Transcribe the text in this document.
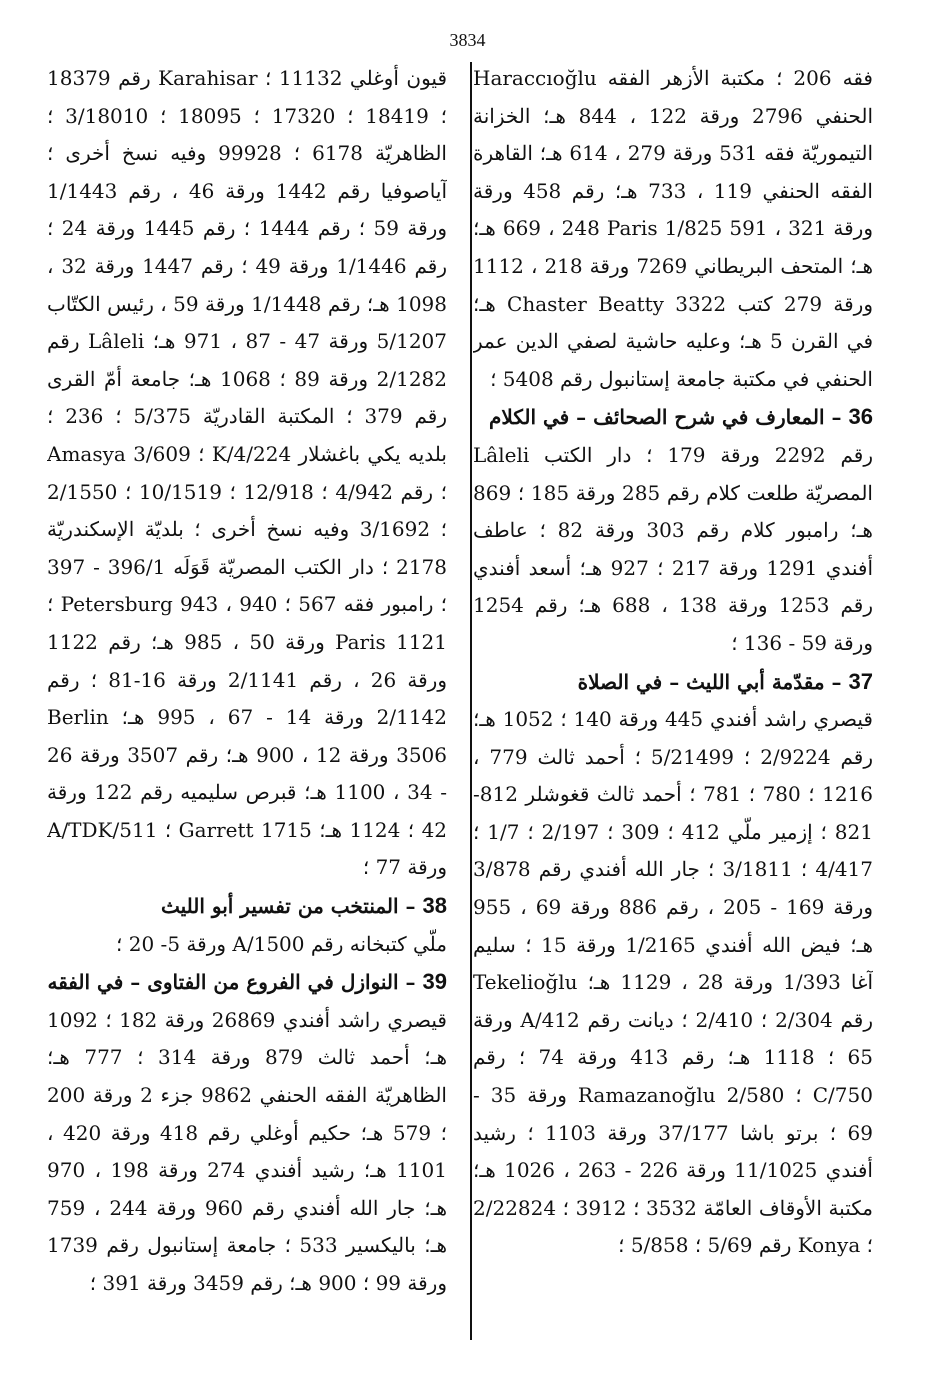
3834

Haraccıoğlu فقه 206 ؛ مكتبة الأزهر الفقه الحنفي 2796 ورقة 122 ، 844 هـ؛ الخزانة التيموريّة فقه 531 ورقة 279 ، 614 هـ؛ القاهرة الفقه الحنفي 119 ، 733 هـ؛ رقم 458 ورقة 248 ، 669 هـ؛ Paris 1/825 ورقة 321 ، 591 هـ؛ المتحف البريطاني 7269 ورقة 218 ، 1112 هـ؛ Chaster Beatty 3322 ورقة 279 كتب في القرن 5 هـ؛ وعليه حاشية لصفي الدين عمر الحنفي في مكتبة جامعة إستانبول رقم 5408 ؛

36 – المعارف في شرح الصحائف – في الكلام

Lâleli رقم 2292 ورقة 179 ؛ دار الكتب المصريّة طلعت كلام رقم 285 ورقة 185 ؛ 869 هـ؛ رامبور كلام رقم 303 ورقة 82 ؛ عاطف أفندي 1291 ورقة 217 ؛ 927 هـ؛ أسعد أفندي رقم 1253 ورقة 138 ، 688 هـ؛ رقم 1254 ورقة 59 - 136 ؛

37 – مقدّمة أبي الليث – في الصلاة

قيصري راشد أفندي 445 ورقة 140 ؛ 1052 هـ؛ رقم 2/9224 ؛ 5/21499 ؛ أحمد ثالث 779 ، 1216 ؛ 780 ؛ 781 ؛ أحمد ثالث قغوشلر 812-821 ؛ إزمير ملّي 412 ؛ 309 ؛ 2/197 ؛ 1/7 ؛ 4/417 ؛ 3/1811 ؛ جار الله أفندي رقم 3/878 ورقة 169 - 205 ، رقم 886 ورقة 69 ، 955 هـ؛ فيض الله أفندي 1/2165 ورقة 15 ؛ سليم آغا 1/393 ورقة 28 ، 1129 هـ؛ Tekelioğlu رقم 2/304 ؛ 2/410 ؛ ديانت رقم 412/A ورقة 65 ؛ 1118 هـ؛ رقم 413 ورقة 74 ؛ رقم 750/C ؛ Ramazanoğlu 2/580 ورقة 35 - 69 ؛ برتو باشا 37/177 ورقة 1103 ؛ رشيد أفندي 11/1025 ورقة 226 - 263 ، 1026 هـ؛ مكتبة الأوقاف العامّة 3532 ؛ 3912 ؛ 2/22824 ؛ Konya رقم 5/69 ؛ 5/858 ؛

قيون أوغلي 11132 ؛ Karahisar رقم 18379 ؛ 18419 ؛ 17320 ؛ 18095 ؛ 3/18010 ؛ الظاهريّة 6178 ؛ 99928 وفيه نسخ أخرى ؛ آياصوفيا رقم 1442 ورقة 46 ، رقم 1/1443 ورقة 59 ؛ رقم 1444 ؛ رقم 1445 ورقة 24 ؛ رقم 1/1446 ورقة 49 ؛ رقم 1447 ورقة 32 ، 1098 هـ؛ رقم 1/1448 ورقة 59 ، رئيس الكتّاب 5/1207 ورقة 47 - 87 ، 971 هـ؛ Lâleli رقم 2/1282 ورقة 89 ؛ 1068 هـ؛ جامعة أمّ القرى رقم 379 ؛ المكتبة القادريّة 5/375 ؛ 236 ؛ بلديه يكي باغشلار 4/224/K ؛ Amasya 3/609 ؛ رقم 4/942 ؛ 12/918 ؛ 10/1519 ؛ 2/1550 ؛ 3/1692 وفيه نسخ أخرى ؛ بلديّة الإسكندريّة 2178 ؛ دار الكتب المصريّة قَوَلَه 396/1 - 397 ؛ رامبور فقه 567 ؛ Petersburg 943 ، 940 ؛ Paris 1121 ورقة 50 ، 985 هـ؛ رقم 1122 ورقة 26 ، رقم 2/1141 ورقة 16-81 ؛ رقم 2/1142 ورقة 14 - 67 ، 995 هـ؛ Berlin 3506 ورقة 12 ، 900 هـ؛ رقم 3507 ورقة 26 - 34 ، 1100 هـ؛ قبرص سليميه رقم 122 ورقة 42 ؛ 1124 هـ؛ Garrett 1715 ؛ 511/A/TDK ورقة 77 ؛

38 – المنتخب من تفسير أبو الليث

ملّي كتبخانه رقم 1500/A ورقة 5- 20 ؛

39 – النوازل في الفروع من الفتاوى – في الفقه

قيصري راشد أفندي 26869 ورقة 182 ؛ 1092 هـ؛ أحمد ثالث 879 ورقة 314 ؛ 777 هـ؛ الظاهريّة الفقه الحنفي 9862 جزء 2 ورقة 200 ؛ 579 هـ؛ حكيم أوغلي رقم 418 ورقة 420 ، 1101 هـ؛ رشيد أفندي 274 ورقة 198 ، 970 هـ؛ جار الله أفندي رقم 960 ورقة 244 ، 759 هـ؛ باليكسير 533 ؛ جامعة إستانبول رقم 1739 ورقة 99 ؛ 900 هـ؛ رقم 3459 ورقة 391 ؛
